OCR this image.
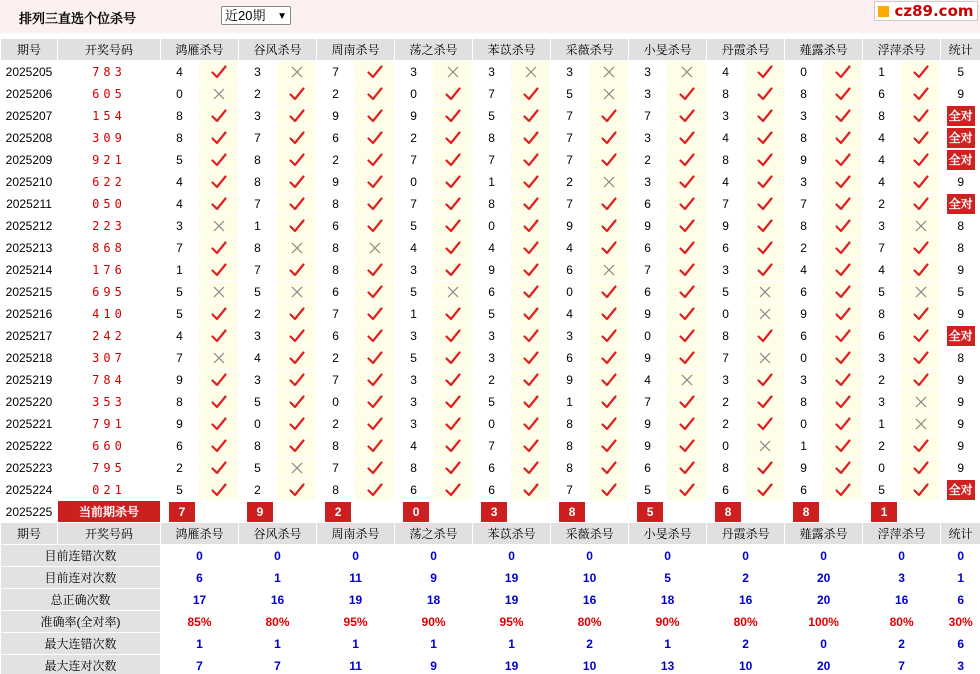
排列三直选个位杀号	近20期 ▼	cz89.com
期号	开奖号码	鸿雁杀号		谷风杀号		周南杀号		荡之杀号		苯苡杀号		采薇杀号		小旻杀号		丹霞杀号		薤露杀号		浮萍杀号		统计
2025205	783	4		3		7		3		3		3		3		4		0		1		5
2025206	605	0		2		2		0		7		5		3		8		8		6		9
2025207	154	8		3		9		9		5		7		7		3		3		8		全对
2025208	309	8		7		6		2		8		7		3		4		8		4		全对
2025209	921	5		8		2		7		7		7		2		8		9		4		全对
2025210	622	4		8		9		0		1		2		3		4		3		4		9
2025211	050	4		7		8		7		8		7		6		7		7		2		全对
2025212	223	3		1		6		5		0		9		9		9		8		3		8
2025213	868	7		8		8		4		4		4		6		6		2		7		8
2025214	176	1		7		8		3		9		6		7		3		4		4		9
2025215	695	5		5		6		5		6		0		6		5		6		5		5
2025216	410	5		2		7		1		5		4		9		0		9		8		9
2025217	242	4		3		6		3		3		3		0		8		6		6		全对
2025218	307	7		4		2		5		3		6		9		7		0		3		8
2025219	784	9		3		7		3		2		9		4		3		3		2		9
2025220	353	8		5		0		3		5		1		7		2		8		3		9
2025221	791	9		0		2		3		0		8		9		2		0		1		9
2025222	660	6		8		8		4		7		8		9		0		1		2		9
2025223	795	2		5		7		8		6		8		6		8		9		0		9
2025224	021	5		2		8		6		6		7		5		6		6		5		全对
2025225	当前期杀号	7		9		2		0		3		8		5		8		8		1		

期号	开奖号码	鸿雁杀号		谷风杀号		周南杀号		荡之杀号		苯苡杀号		采薇杀号		小旻杀号		丹霞杀号		薤露杀号		浮萍杀号		统计
目前连错次数		0		0		0		0		0		0		0		0		0		0		0
目前连对次数		6		1		11		9		19		10		5		2		20		3		1
总正确次数		17		16		19		18		19		16		18		16		20		16		6
准确率(全对率)		85%		80%		95%		90%		95%		80%		90%		80%		100%		80%		30%
最大连错次数		1		1		1		1		1		2		1		2		0		2		6
最大连对次数		7		7		11		9		19		10		13		10		20		7		3
